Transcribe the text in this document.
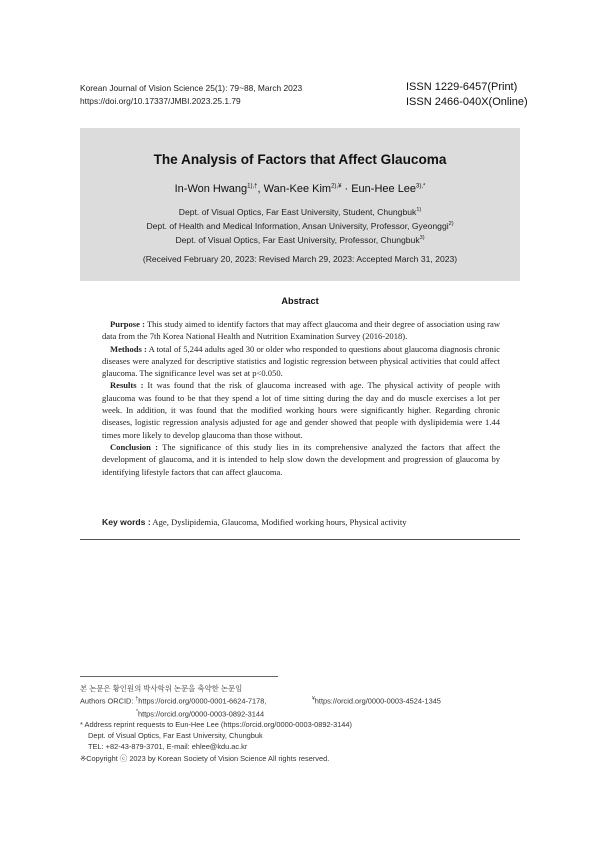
Korean Journal of Vision Science 25(1): 79~88, March 2023
https://doi.org/10.17337/JMBI.2023.25.1.79
ISSN 1229-6457(Print)
ISSN 2466-040X(Online)
The Analysis of Factors that Affect Glaucoma
In-Won Hwang$^{1),\dagger}$, Wan-Kee Kim$^{2),¥}$ · Eun-Hee Lee$^{3),*}$
Dept. of Visual Optics, Far East University, Student, Chungbuk$^{1)}$
Dept. of Health and Medical Information, Ansan University, Professor, Gyeonggi$^{2)}$
Dept. of Visual Optics, Far East University, Professor, Chungbuk$^{3)}$
(Received February 20, 2023: Revised March 29, 2023: Accepted March 31, 2023)
Abstract

Purpose : This study aimed to identify factors that may affect glaucoma and their degree of association using raw data from the 7th Korea National Health and Nutrition Examination Survey (2016-2018).

Methods : A total of 5,244 adults aged 30 or older who responded to questions about glaucoma diagnosis chronic diseases were analyzed for descriptive statistics and logistic regression between physical activities that could affect glaucoma. The significance level was set at p<0.050.

Results : It was found that the risk of glaucoma increased with age. The physical activity of people with glaucoma was found to be that they spend a lot of time sitting during the day and do muscle exercises a lot per week. In addition, it was found that the modified working hours were significantly higher. Regarding chronic diseases, logistic regression analysis adjusted for age and gender showed that people with dyslipidemia were 1.44 times more likely to develop glaucoma than those without.

Conclusion : The significance of this study lies in its comprehensive analyzed the factors that affect the development of glaucoma, and it is intended to help slow down the development and progression of glaucoma by identifying lifestyle factors that can affect glaucoma.

Key words : Age, Dyslipidemia, Glaucoma, Modified working hours, Physical activity
본 논문은 황인원의 박사학위 논문을 축약한 논문임
Authors ORCID: †https://orcid.org/0000-0001-6624-7178,	¥https://orcid.org/0000-0003-4524-1345
*https://orcid.org/0000-0003-0892-3144
* Address reprint requests to Eun-Hee Lee (https://orcid.org/0000-0003-0892-3144)
Dept. of Visual Optics, Far East University, Chungbuk
TEL: +82-43-879-3701, E-mail: ehlee@kdu.ac.kr
※Copyright ⓒ 2023 by Korean Society of Vision Science All rights reserved.
